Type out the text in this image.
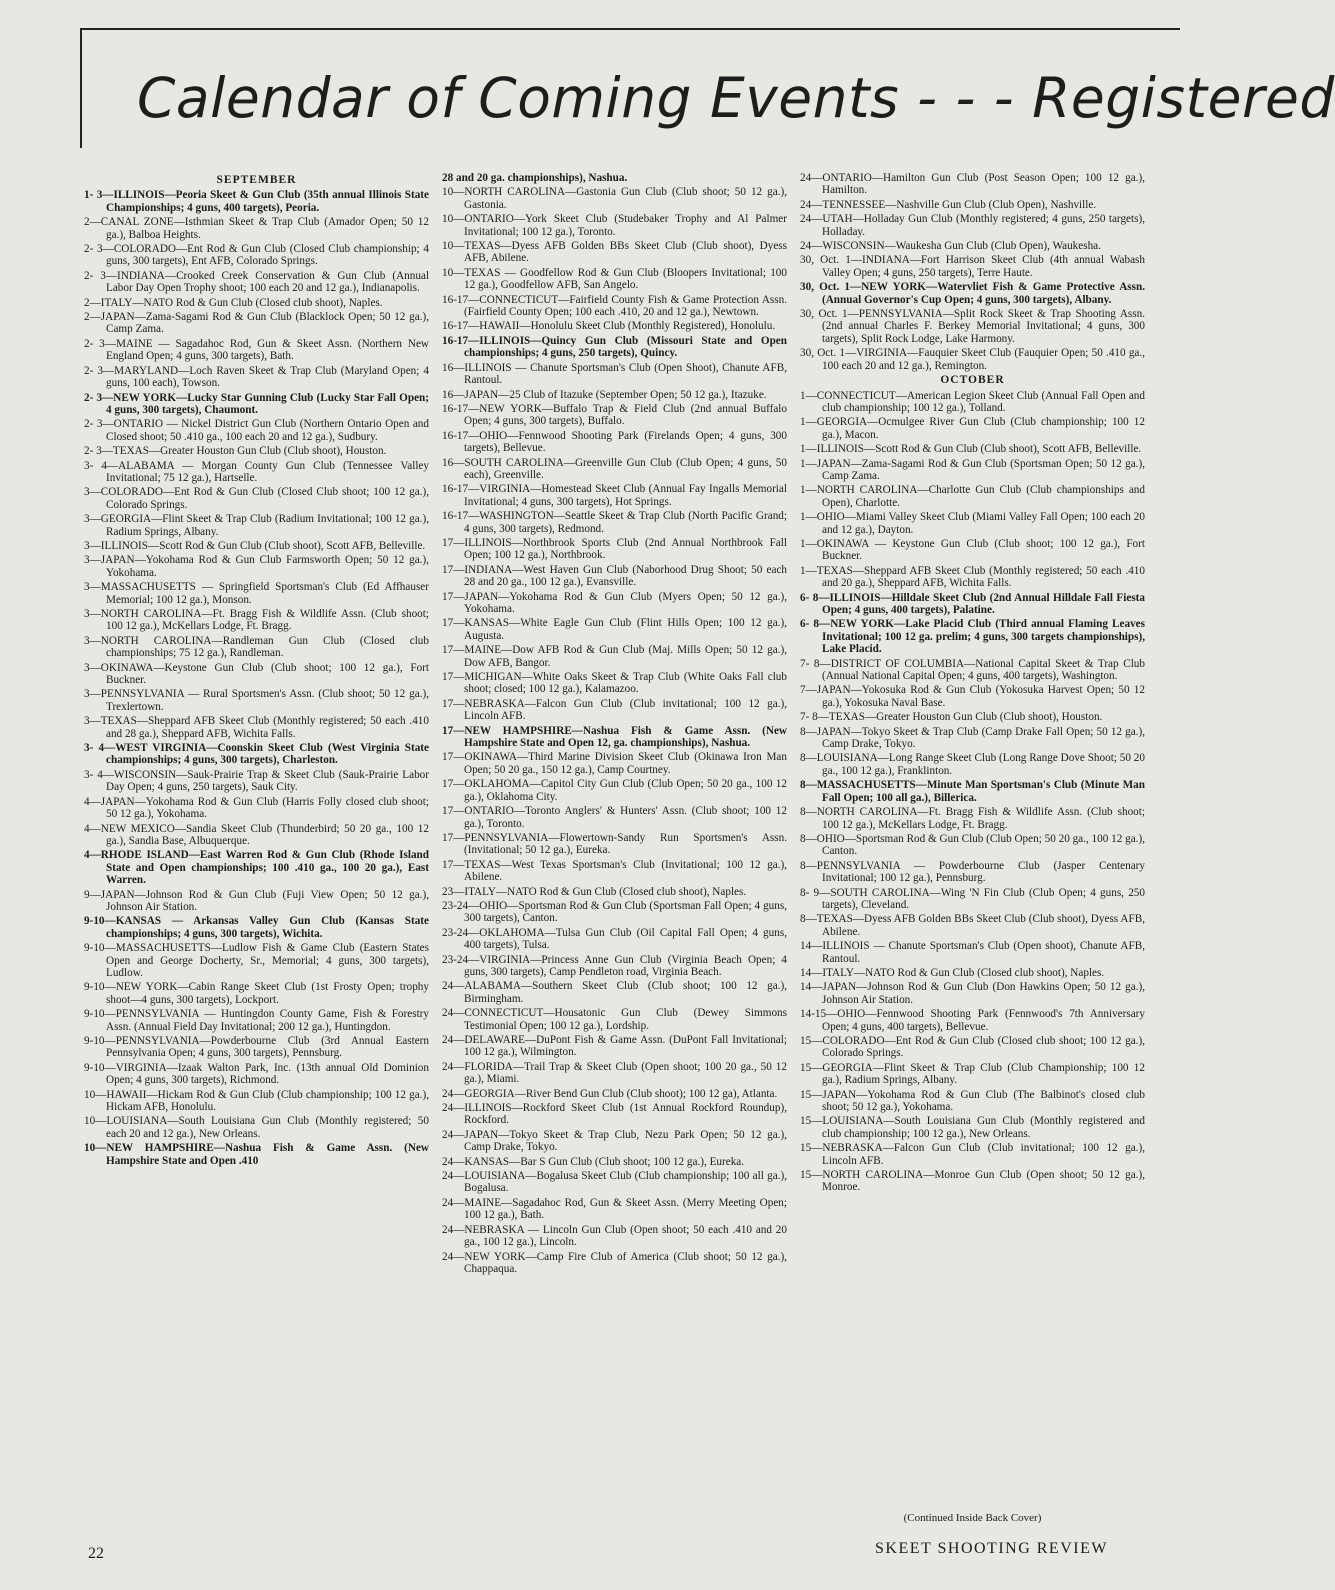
Calendar of Coming Events - - - Registered
SEPTEMBER
1- 3—ILLINOIS—Peoria Skeet & Gun Club (35th annual Illinois State Championships; 4 guns, 400 targets), Peoria.
2—CANAL ZONE—Isthmian Skeet & Trap Club (Amador Open; 50 12 ga.), Balboa Heights.
2- 3—COLORADO—Ent Rod & Gun Club (Closed Club championship; 4 guns, 300 targets), Ent AFB, Colorado Springs.
2- 3—INDIANA—Crooked Creek Conservation & Gun Club (Annual Labor Day Open Trophy shoot; 100 each 20 and 12 ga.), Indianapolis.
2—ITALY—NATO Rod & Gun Club (Closed club shoot), Naples.
2—JAPAN—Zama-Sagami Rod & Gun Club (Blacklock Open; 50 12 ga.), Camp Zama.
2- 3—MAINE — Sagadahoc Rod, Gun & Skeet Assn. (Northern New England Open; 4 guns, 300 targets), Bath.
2- 3—MARYLAND—Loch Raven Skeet & Trap Club (Maryland Open; 4 guns, 100 each), Towson.
2- 3—NEW YORK—Lucky Star Gunning Club (Lucky Star Fall Open; 4 guns, 300 targets), Chaumont.
2- 3—ONTARIO — Nickel District Gun Club (Northern Ontario Open and Closed shoot; 50 .410 ga., 100 each 20 and 12 ga.), Sudbury.
2- 3—TEXAS—Greater Houston Gun Club (Club shoot), Houston.
3- 4—ALABAMA — Morgan County Gun Club (Tennessee Valley Invitational; 75 12 ga.), Hartselle.
3—COLORADO—Ent Rod & Gun Club (Closed Club shoot; 100 12 ga.), Colorado Springs.
3—GEORGIA—Flint Skeet & Trap Club (Radium Invitational; 100 12 ga.), Radium Springs, Albany.
3—ILLINOIS—Scott Rod & Gun Club (Club shoot), Scott AFB, Belleville.
3—JAPAN—Yokohama Rod & Gun Club Farmsworth Open; 50 12 ga.), Yokohama.
3—MASSACHUSETTS — Springfield Sportsman's Club (Ed Affhauser Memorial; 100 12 ga.), Monson.
3—NORTH CAROLINA—Ft. Bragg Fish & Wildlife Assn. (Club shoot; 100 12 ga.), McKellars Lodge, Ft. Bragg.
3—NORTH CAROLINA—Randleman Gun Club (Closed club championships; 75 12 ga.), Randleman.
3—OKINAWA—Keystone Gun Club (Club shoot; 100 12 ga.), Fort Buckner.
3—PENNSYLVANIA — Rural Sportsmen's Assn. (Club shoot; 50 12 ga.), Trexlertown.
3—TEXAS—Sheppard AFB Skeet Club (Monthly registered; 50 each .410 and 28 ga.), Sheppard AFB, Wichita Falls.
3- 4—WEST VIRGINIA—Coonskin Skeet Club (West Virginia State championships; 4 guns, 300 targets), Charleston.
3- 4—WISCONSIN—Sauk-Prairie Trap & Skeet Club (Sauk-Prairie Labor Day Open; 4 guns, 250 targets), Sauk City.
4—JAPAN—Yokohama Rod & Gun Club (Harris Folly closed club shoot; 50 12 ga.), Yokohama.
4—NEW MEXICO—Sandia Skeet Club (Thunderbird; 50 20 ga., 100 12 ga.), Sandia Base, Albuquerque.
4—RHODE ISLAND—East Warren Rod & Gun Club (Rhode Island State and Open championships; 100 .410 ga., 100 20 ga.), East Warren.
9—JAPAN—Johnson Rod & Gun Club (Fuji View Open; 50 12 ga.), Johnson Air Station.
9-10—KANSAS — Arkansas Valley Gun Club (Kansas State championships; 4 guns, 300 targets), Wichita.
9-10—MASSACHUSETTS—Ludlow Fish & Game Club (Eastern States Open and George Docherty, Sr., Memorial; 4 guns, 300 targets), Ludlow.
9-10—NEW YORK—Cabin Range Skeet Club (1st Frosty Open; trophy shoot—4 guns, 300 targets), Lockport.
9-10—PENNSYLVANIA — Huntingdon County Game, Fish & Forestry Assn. (Annual Field Day Invitational; 200 12 ga.), Huntingdon.
9-10—PENNSYLVANIA—Powderbourne Club (3rd Annual Eastern Pennsylvania Open; 4 guns, 300 targets), Pennsburg.
9-10—VIRGINIA—Izaak Walton Park, Inc. (13th annual Old Dominion Open; 4 guns, 300 targets), Richmond.
10—HAWAII—Hickam Rod & Gun Club (Club championship; 100 12 ga.), Hickam AFB, Honolulu.
10—LOUISIANA—South Louisiana Gun Club (Monthly registered; 50 each 20 and 12 ga.), New Orleans.
10—NEW HAMPSHIRE—Nashua Fish & Game Assn. (New Hampshire State and Open .410
28 and 20 ga. championships), Nashua.
10—NORTH CAROLINA—Gastonia Gun Club (Club shoot; 50 12 ga.), Gastonia.
10—ONTARIO—York Skeet Club (Studebaker Trophy and Al Palmer Invitational; 100 12 ga.), Toronto.
10—TEXAS—Dyess AFB Golden BBs Skeet Club (Club shoot), Dyess AFB, Abilene.
10—TEXAS — Goodfellow Rod & Gun Club (Bloopers Invitational; 100 12 ga.), Goodfellow AFB, San Angelo.
16-17—CONNECTICUT—Fairfield County Fish & Game Protection Assn. (Fairfield County Open; 100 each .410, 20 and 12 ga.), Newtown.
16-17—HAWAII—Honolulu Skeet Club (Monthly Registered), Honolulu.
16-17—ILLINOIS—Quincy Gun Club (Missouri State and Open championships; 4 guns, 250 targets), Quincy.
16—ILLINOIS — Chanute Sportsman's Club (Open Shoot), Chanute AFB, Rantoul.
16—JAPAN—25 Club of Itazuke (September Open; 50 12 ga.), Itazuke.
16-17—NEW YORK—Buffalo Trap & Field Club (2nd annual Buffalo Open; 4 guns, 300 targets), Buffalo.
16-17—OHIO—Fennwood Shooting Park (Firelands Open; 4 guns, 300 targets), Bellevue.
16—SOUTH CAROLINA—Greenville Gun Club (Club Open; 4 guns, 50 each), Greenville.
16-17—VIRGINIA—Homestead Skeet Club (Annual Fay Ingalls Memorial Invitational; 4 guns, 300 targets), Hot Springs.
16-17—WASHINGTON—Seattle Skeet & Trap Club (North Pacific Grand; 4 guns, 300 targets), Redmond.
17—ILLINOIS—Northbrook Sports Club (2nd Annual Northbrook Fall Open; 100 12 ga.), Northbrook.
17—INDIANA—West Haven Gun Club (Naborhood Drug Shoot; 50 each 28 and 20 ga., 100 12 ga.), Evansville.
17—JAPAN—Yokohama Rod & Gun Club (Myers Open; 50 12 ga.), Yokohama.
17—KANSAS—White Eagle Gun Club (Flint Hills Open; 100 12 ga.), Augusta.
17—MAINE—Dow AFB Rod & Gun Club (Maj. Mills Open; 50 12 ga.), Dow AFB, Bangor.
17—MICHIGAN—White Oaks Skeet & Trap Club (White Oaks Fall club shoot; closed; 100 12 ga.), Kalamazoo.
17—NEBRASKA—Falcon Gun Club (Club invitational; 100 12 ga.), Lincoln AFB.
17—NEW HAMPSHIRE—Nashua Fish & Game Assn. (New Hampshire State and Open 12, ga. championships), Nashua.
17—OKINAWA—Third Marine Division Skeet Club (Okinawa Iron Man Open; 50 20 ga., 150 12 ga.), Camp Courtney.
17—OKLAHOMA—Capitol City Gun Club (Club Open; 50 20 ga., 100 12 ga.), Oklahoma City.
17—ONTARIO—Toronto Anglers' & Hunters' Assn. (Club shoot; 100 12 ga.), Toronto.
17—PENNSYLVANIA—Flowertown-Sandy Run Sportsmen's Assn. (Invitational; 50 12 ga.), Eureka.
17—TEXAS—West Texas Sportsman's Club (Invitational; 100 12 ga.), Abilene.
23—ITALY—NATO Rod & Gun Club (Closed club shoot), Naples.
23-24—OHIO—Sportsman Rod & Gun Club (Sportsman Fall Open; 4 guns, 300 targets), Canton.
23-24—OKLAHOMA—Tulsa Gun Club (Oil Capital Fall Open; 4 guns, 400 targets), Tulsa.
23-24—VIRGINIA—Princess Anne Gun Club (Virginia Beach Open; 4 guns, 300 targets), Camp Pendleton road, Virginia Beach.
24—ALABAMA—Southern Skeet Club (Club shoot; 100 12 ga.), Birmingham.
24—CONNECTICUT—Housatonic Gun Club (Dewey Simmons Testimonial Open; 100 12 ga.), Lordship.
24—DELAWARE—DuPont Fish & Game Assn. (DuPont Fall Invitational; 100 12 ga.), Wilmington.
24—FLORIDA—Trail Trap & Skeet Club (Open shoot; 100 20 ga., 50 12 ga.), Miami.
24—GEORGIA—River Bend Gun Club (Club shoot); 100 12 ga), Atlanta.
24—ILLINOIS—Rockford Skeet Club (1st Annual Rockford Roundup), Rockford.
24—JAPAN—Tokyo Skeet & Trap Club, Nezu Park Open; 50 12 ga.), Camp Drake, Tokyo.
24—KANSAS—Bar S Gun Club (Club shoot; 100 12 ga.), Eureka.
24—LOUISIANA—Bogalusa Skeet Club (Club championship; 100 all ga.), Bogalusa.
24—MAINE—Sagadahoc Rod, Gun & Skeet Assn. (Merry Meeting Open; 100 12 ga.), Bath.
24—NEBRASKA — Lincoln Gun Club (Open shoot; 50 each .410 and 20 ga., 100 12 ga.), Lincoln.
24—NEW YORK—Camp Fire Club of America (Club shoot; 50 12 ga.), Chappaqua.
24—ONTARIO—Hamilton Gun Club (Post Season Open; 100 12 ga.), Hamilton.
24—TENNESSEE—Nashville Gun Club (Club Open), Nashville.
24—UTAH—Holladay Gun Club (Monthly registered; 4 guns, 250 targets), Holladay.
24—WISCONSIN—Waukesha Gun Club (Club Open), Waukesha.
30, Oct. 1—INDIANA—Fort Harrison Skeet Club (4th annual Wabash Valley Open; 4 guns, 250 targets), Terre Haute.
30, Oct. 1—NEW YORK—Watervliet Fish & Game Protective Assn. (Annual Governor's Cup Open; 4 guns, 300 targets), Albany.
30, Oct. 1—PENNSYLVANIA—Split Rock Skeet & Trap Shooting Assn. (2nd annual Charles F. Berkey Memorial Invitational; 4 guns, 300 targets), Split Rock Lodge, Lake Harmony.
30, Oct. 1—VIRGINIA—Fauquier Skeet Club (Fauquier Open; 50 .410 ga., 100 each 20 and 12 ga.), Remington.
OCTOBER
1—CONNECTICUT—American Legion Skeet Club (Annual Fall Open and club championship; 100 12 ga.), Tolland.
1—GEORGIA—Ocmulgee River Gun Club (Club championship; 100 12 ga.), Macon.
1—ILLINOIS—Scott Rod & Gun Club (Club shoot), Scott AFB, Belleville.
1—JAPAN—Zama-Sagami Rod & Gun Club (Sportsman Open; 50 12 ga.), Camp Zama.
1—NORTH CAROLINA—Charlotte Gun Club (Club championships and Open), Charlotte.
1—OHIO—Miami Valley Skeet Club (Miami Valley Fall Open; 100 each 20 and 12 ga.), Dayton.
1—OKINAWA — Keystone Gun Club (Club shoot; 100 12 ga.), Fort Buckner.
1—TEXAS—Sheppard AFB Skeet Club (Monthly registered; 50 each .410 and 20 ga.), Sheppard AFB, Wichita Falls.
6- 8—ILLINOIS—Hilldale Skeet Club (2nd Annual Hilldale Fall Fiesta Open; 4 guns, 400 targets), Palatine.
6- 8—NEW YORK—Lake Placid Club (Third annual Flaming Leaves Invitational; 100 12 ga. prelim; 4 guns, 300 targets championships), Lake Placid.
7- 8—DISTRICT OF COLUMBIA—National Capital Skeet & Trap Club (Annual National Capital Open; 4 guns, 400 targets), Washington.
7—JAPAN—Yokosuka Rod & Gun Club (Yokosuka Harvest Open; 50 12 ga.), Yokosuka Naval Base.
7- 8—TEXAS—Greater Houston Gun Club (Club shoot), Houston.
8—JAPAN—Tokyo Skeet & Trap Club (Camp Drake Fall Open; 50 12 ga.), Camp Drake, Tokyo.
8—LOUISIANA—Long Range Skeet Club (Long Range Dove Shoot; 50 20 ga., 100 12 ga.), Franklinton.
8—MASSACHUSETTS—Minute Man Sportsman's Club (Minute Man Fall Open; 100 all ga.), Billerica.
8—NORTH CAROLINA—Ft. Bragg Fish & Wildlife Assn. (Club shoot; 100 12 ga.), McKellars Lodge, Ft. Bragg.
8—OHIO—Sportsman Rod & Gun Club (Club Open; 50 20 ga., 100 12 ga.), Canton.
8—PENNSYLVANIA — Powderbourne Club (Jasper Centenary Invitational; 100 12 ga.), Pennsburg.
8- 9—SOUTH CAROLINA—Wing 'N Fin Club (Club Open; 4 guns, 250 targets), Cleveland.
8—TEXAS—Dyess AFB Golden BBs Skeet Club (Club shoot), Dyess AFB, Abilene.
14—ILLINOIS — Chanute Sportsman's Club (Open shoot), Chanute AFB, Rantoul.
14—ITALY—NATO Rod & Gun Club (Closed club shoot), Naples.
14—JAPAN—Johnson Rod & Gun Club (Don Hawkins Open; 50 12 ga.), Johnson Air Station.
14-15—OHIO—Fennwood Shooting Park (Fennwood's 7th Anniversary Open; 4 guns, 400 targets), Bellevue.
15—COLORADO—Ent Rod & Gun Club (Closed club shoot; 100 12 ga.), Colorado Springs.
15—GEORGIA—Flint Skeet & Trap Club (Club Championship; 100 12 ga.), Radium Springs, Albany.
15—JAPAN—Yokohama Rod & Gun Club (The Balbinot's closed club shoot; 50 12 ga.), Yokohama.
15—LOUISIANA—South Louisiana Gun Club (Monthly registered and club championship; 100 12 ga.), New Orleans.
15—NEBRASKA—Falcon Gun Club (Club invitational; 100 12 ga.), Lincoln AFB.
15—NORTH CAROLINA—Monroe Gun Club (Open shoot; 50 12 ga.), Monroe.
(Continued Inside Back Cover)
22	SKEET SHOOTING REVIEW
